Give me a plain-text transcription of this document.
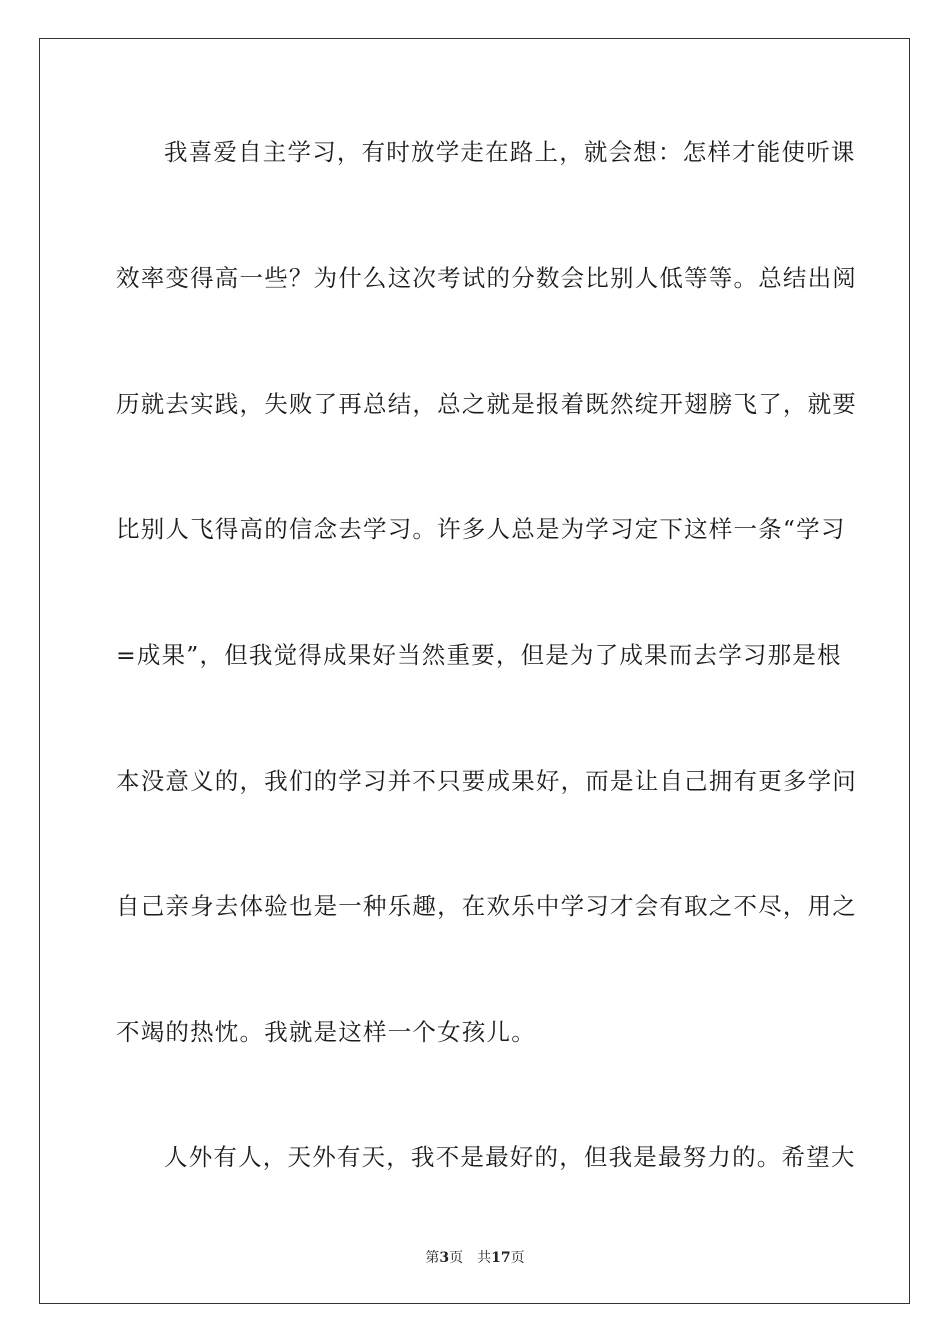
我喜爱自主学习，有时放学走在路上，就会想：怎样才能使听课
效率变得高一些？为什么这次考试的分数会比别人低等等。总结出阅
历就去实践，失败了再总结，总之就是报着既然绽开翅膀飞了，就要
比别人飞得高的信念去学习。许多人总是为学习定下这样一条“学习
=成果”，但我觉得成果好当然重要，但是为了成果而去学习那是根
本没意义的，我们的学习并不只要成果好，而是让自己拥有更多学问
自己亲身去体验也是一种乐趣，在欢乐中学习才会有取之不尽，用之
不竭的热忱。我就是这样一个女孩儿。
人外有人，天外有天，我不是最好的，但我是最努力的。希望大
第3页 共17页
